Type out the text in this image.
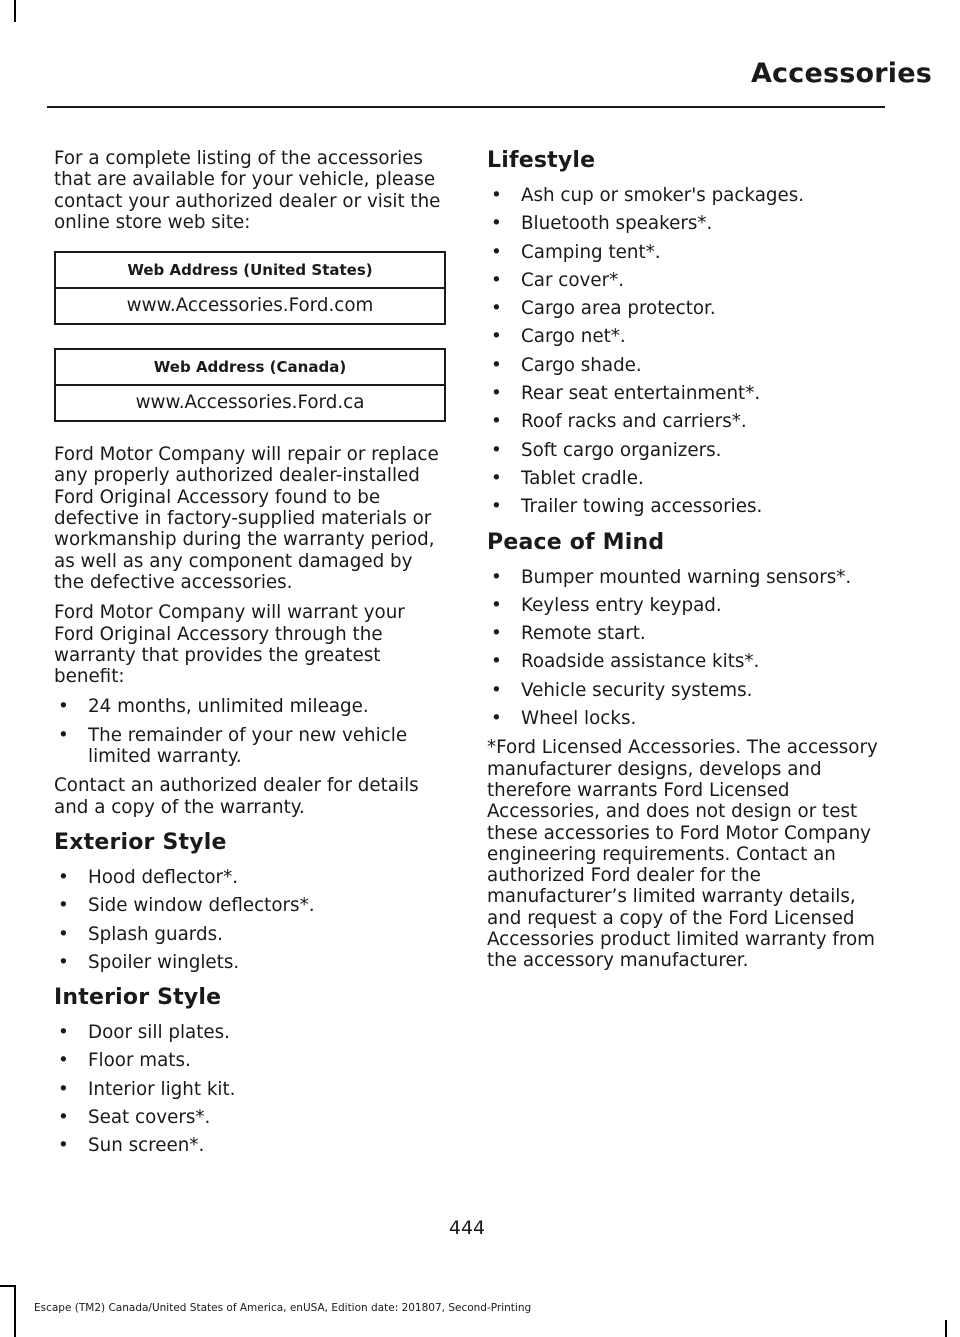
Accessories

For a complete listing of the accessories that are available for your vehicle, please contact your authorized dealer or visit the online store web site:

Web Address (United States)
www.Accessories.Ford.com
Web Address (Canada)
www.Accessories.Ford.ca

Ford Motor Company will repair or replace any properly authorized dealer-installed Ford Original Accessory found to be defective in factory-supplied materials or workmanship during the warranty period, as well as any component damaged by the defective accessories.

Ford Motor Company will warrant your Ford Original Accessory through the warranty that provides the greatest benefit:

• 24 months, unlimited mileage.
• The remainder of your new vehicle limited warranty.

Contact an authorized dealer for details and a copy of the warranty.

Exterior Style
• Hood deflector*.
• Side window deflectors*.
• Splash guards.
• Spoiler winglets.
Interior Style
• Door sill plates.
• Floor mats.
• Interior light kit.
• Seat covers*.
• Sun screen*.
Lifestyle
• Ash cup or smoker's packages.
• Bluetooth speakers*.
• Camping tent*.
• Car cover*.
• Cargo area protector.
• Cargo net*.
• Cargo shade.
• Rear seat entertainment*.
• Roof racks and carriers*.
• Soft cargo organizers.
• Tablet cradle.
• Trailer towing accessories.
Peace of Mind
• Bumper mounted warning sensors*.
• Keyless entry keypad.
• Remote start.
• Roadside assistance kits*.
• Vehicle security systems.
• Wheel locks.

*Ford Licensed Accessories. The accessory manufacturer designs, develops and therefore warrants Ford Licensed Accessories, and does not design or test these accessories to Ford Motor Company engineering requirements. Contact an authorized Ford dealer for the manufacturer’s limited warranty details, and request a copy of the Ford Licensed Accessories product limited warranty from the accessory manufacturer.

444
Escape (TM2) Canada/United States of America, enUSA, Edition date: 201807, Second-Printing
